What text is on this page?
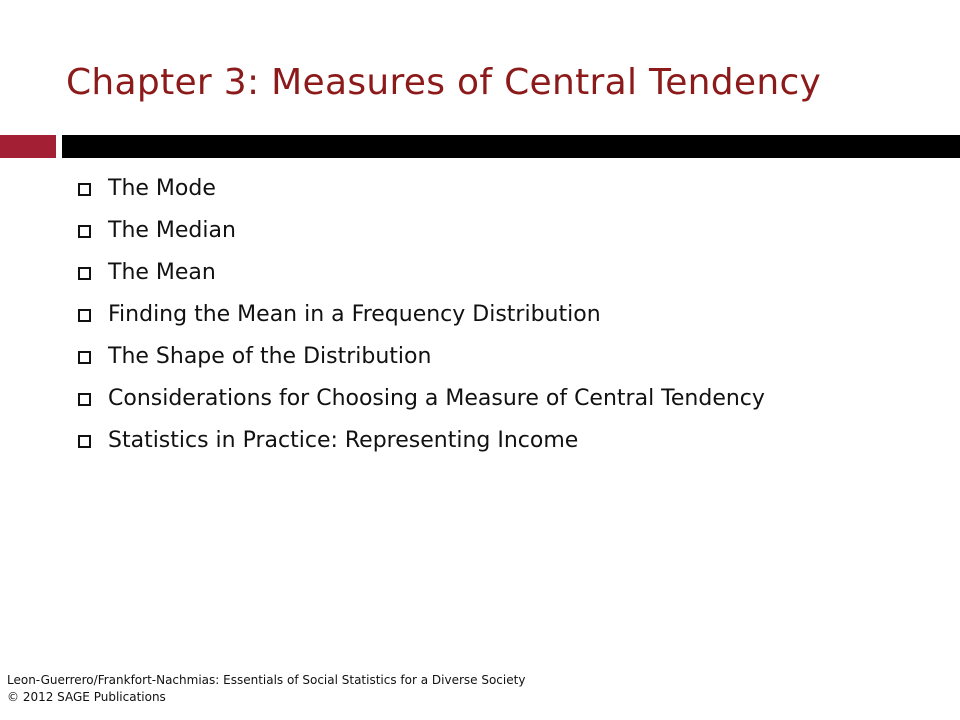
Chapter 3: Measures of Central Tendency
The Mode
The Median
The Mean
Finding the Mean in a Frequency Distribution
The Shape of the Distribution
Considerations for Choosing a Measure of Central Tendency
Statistics in Practice: Representing Income
Leon-Guerrero/Frankfort-Nachmias: Essentials of Social Statistics for a Diverse Society
© 2012 SAGE Publications
